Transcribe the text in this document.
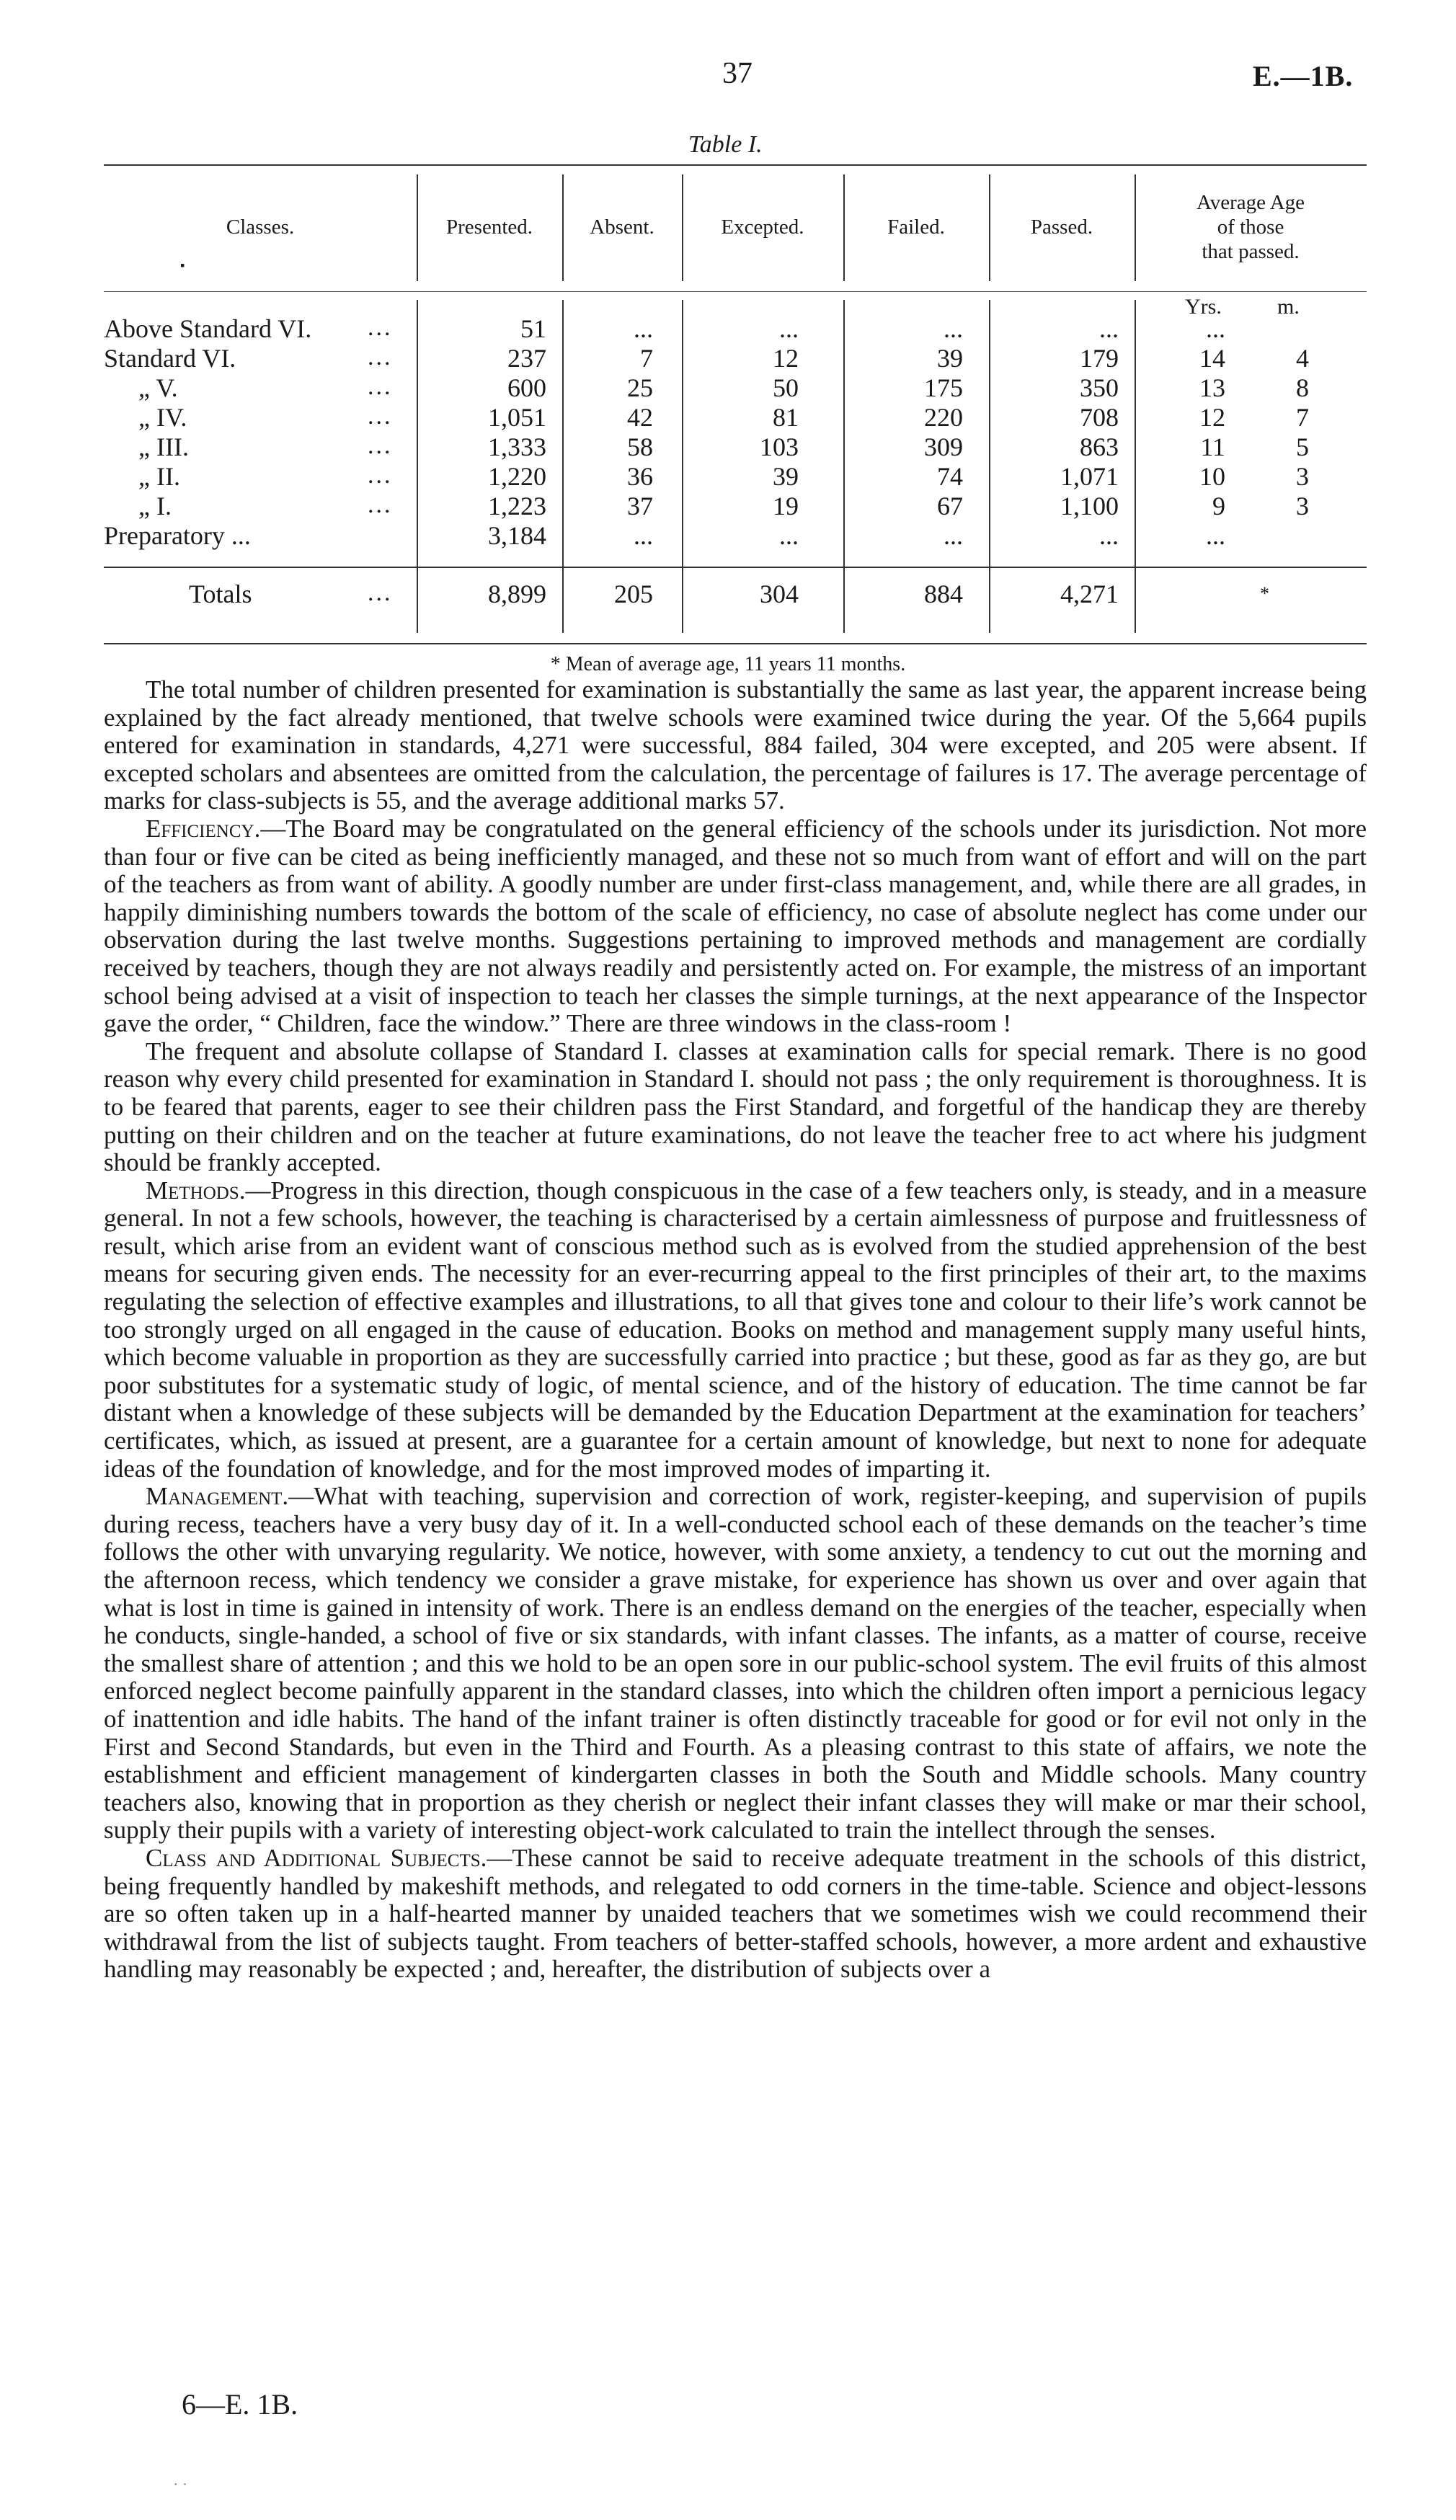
37	E.—1B.
Table I.
Classes.	Presented.	Absent.	Excepted.	Failed.	Passed.
Average Age
of those
that passed.
▪
Yrs.	m.
Above Standard VI. ...	51	...	...	...	...	...
Standard VI.	...	237	7	12	39	179	14	4
„ V.	...	600	25	50	175	350	13	8
„ IV.	...	1,051	42	81	220	708	12	7
„ III.	...	1,333	58	103	309	863	11	5
„ II.	...	1,220	36	39	74	1,071	10	3
„ I.	...	1,223	37	19	67	1,100	9	3
Preparatory ...	3,184	...	...	...	...	...
Totals	...	8,899	205	304	884	4,271	*
* Mean of average age, 11 years 11 months.

The total number of children presented for examination is substantially the same as last year, the apparent increase being explained by the fact already mentioned, that twelve schools were examined twice during the year. Of the 5,664 pupils entered for examination in standards, 4,271 were successful, 884 failed, 304 were excepted, and 205 were absent. If excepted scholars and absentees are omitted from the calculation, the percentage of failures is 17. The average percentage of marks for class-subjects is 55, and the average additional marks 57.

Efficiency.—The Board may be congratulated on the general efficiency of the schools under its jurisdiction. Not more than four or five can be cited as being inefficiently managed, and these not so much from want of effort and will on the part of the teachers as from want of ability. A goodly number are under first-class management, and, while there are all grades, in happily diminishing numbers towards the bottom of the scale of efficiency, no case of absolute neglect has come under our observation during the last twelve months. Suggestions pertaining to improved methods and management are cordially received by teachers, though they are not always readily and persistently acted on. For example, the mistress of an important school being advised at a visit of inspection to teach her classes the simple turnings, at the next appearance of the Inspector gave the order, “ Children, face the window.” There are three windows in the class-room !

The frequent and absolute collapse of Standard I. classes at examination calls for special remark. There is no good reason why every child presented for examination in Standard I. should not pass ; the only requirement is thoroughness. It is to be feared that parents, eager to see their children pass the First Standard, and forgetful of the handicap they are thereby putting on their children and on the teacher at future examinations, do not leave the teacher free to act where his judgment should be frankly accepted.

Methods.—Progress in this direction, though conspicuous in the case of a few teachers only, is steady, and in a measure general. In not a few schools, however, the teaching is characterised by a certain aimlessness of purpose and fruitlessness of result, which arise from an evident want of conscious method such as is evolved from the studied apprehension of the best means for securing given ends. The necessity for an ever-recurring appeal to the first principles of their art, to the maxims regulating the selection of effective examples and illustrations, to all that gives tone and colour to their life’s work cannot be too strongly urged on all engaged in the cause of education. Books on method and management supply many useful hints, which become valuable in proportion as they are successfully carried into practice ; but these, good as far as they go, are but poor substitutes for a systematic study of logic, of mental science, and of the history of education. The time cannot be far distant when a knowledge of these subjects will be demanded by the Education Department at the examination for teachers’ certificates, which, as issued at present, are a guarantee for a certain amount of knowledge, but next to none for adequate ideas of the foundation of knowledge, and for the most improved modes of imparting it.

Management.—What with teaching, supervision and correction of work, register-keeping, and supervision of pupils during recess, teachers have a very busy day of it. In a well-conducted school each of these demands on the teacher’s time follows the other with unvarying regularity. We notice, however, with some anxiety, a tendency to cut out the morning and the afternoon recess, which tendency we consider a grave mistake, for experience has shown us over and over again that what is lost in time is gained in intensity of work. There is an endless demand on the energies of the teacher, especially when he conducts, single-handed, a school of five or six standards, with infant classes. The infants, as a matter of course, receive the smallest share of attention ; and this we hold to be an open sore in our public-school system. The evil fruits of this almost enforced neglect become painfully apparent in the standard classes, into which the children often import a pernicious legacy of inattention and idle habits. The hand of the infant trainer is often distinctly traceable for good or for evil not only in the First and Second Standards, but even in the Third and Fourth. As a pleasing contrast to this state of affairs, we note the establishment and efficient management of kindergarten classes in both the South and Middle schools. Many country teachers also, knowing that in proportion as they cherish or neglect their infant classes they will make or mar their school, supply their pupils with a variety of interesting object-work calculated to train the intellect through the senses.

Class and Additional Subjects.—These cannot be said to receive adequate treatment in the schools of this district, being frequently handled by makeshift methods, and relegated to odd corners in the time-table. Science and object-lessons are so often taken up in a half-hearted manner by unaided teachers that we sometimes wish we could recommend their withdrawal from the list of subjects taught. From teachers of better-staffed schools, however, a more ardent and exhaustive handling may reasonably be expected ; and, hereafter, the distribution of subjects over a

6—E. 1B.
˙ ˙
